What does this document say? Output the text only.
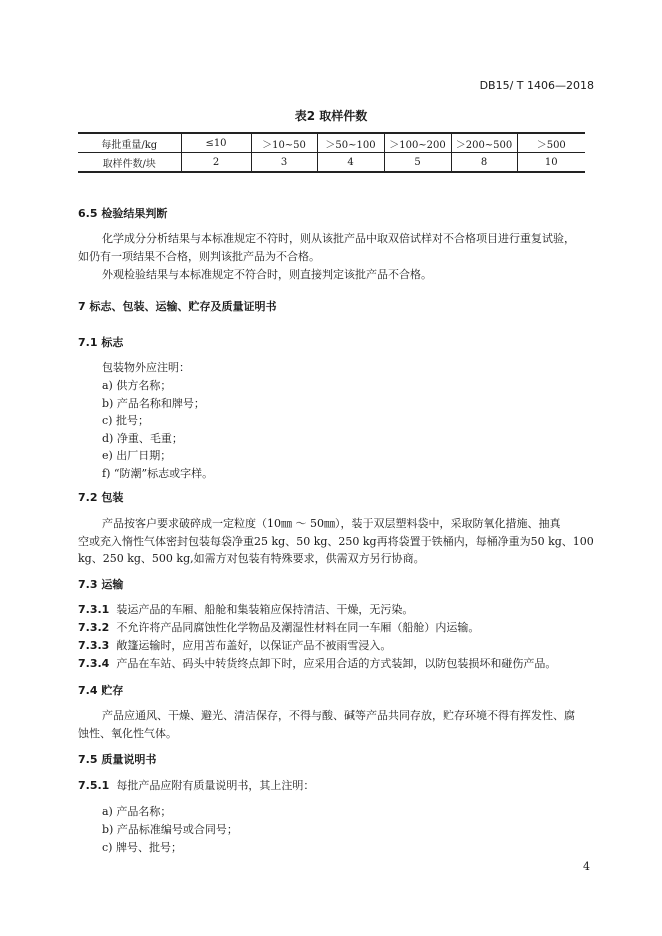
DB15/ T 1406—2018
表2 取样件数
每批重量/kg	≤10	＞10~50	＞50~100	＞100~200	＞200~500	＞500
取样件数/块	2	3	4	5	8	10
6.5 检验结果判断
化学成分分析结果与本标准规定不符时，则从该批产品中取双倍试样对不合格项目进行重复试验，
如仍有一项结果不合格，则判该批产品为不合格。
外观检验结果与本标准规定不符合时，则直接判定该批产品不合格。
7 标志、包装、运输、贮存及质量证明书
7.1 标志
包装物外应注明：
a) 供方名称；
b) 产品名称和牌号；
c) 批号；
d) 净重、毛重；
e) 出厂日期；
f) “防潮”标志或字样。
7.2 包装
产品按客户要求破碎成一定粒度（10㎜ ～ 50㎜），装于双层塑料袋中，采取防氧化措施、抽真
空或充入惰性气体密封包装每袋净重25 kg、50 kg、250 kg再将袋置于铁桶内，每桶净重为50 kg、100
kg、250 kg、500 kg,如需方对包装有特殊要求，供需双方另行协商。
7.3 运输
7.3.1 装运产品的车厢、船舱和集装箱应保持清洁、干燥，无污染。
7.3.2 不允许将产品同腐蚀性化学物品及潮湿性材料在同一车厢（船舱）内运输。
7.3.3 敞篷运输时，应用苫布盖好，以保证产品不被雨雪浸入。
7.3.4 产品在车站、码头中转货终点卸下时，应采用合适的方式装卸，以防包装损坏和碰伤产品。
7.4 贮存
产品应通风、干燥、避光、清洁保存，不得与酸、碱等产品共同存放，贮存环境不得有挥发性、腐
蚀性、氧化性气体。
7.5 质量说明书
7.5.1 每批产品应附有质量说明书，其上注明：
a) 产品名称；
b) 产品标准编号或合同号；
c) 牌号、批号；
4
